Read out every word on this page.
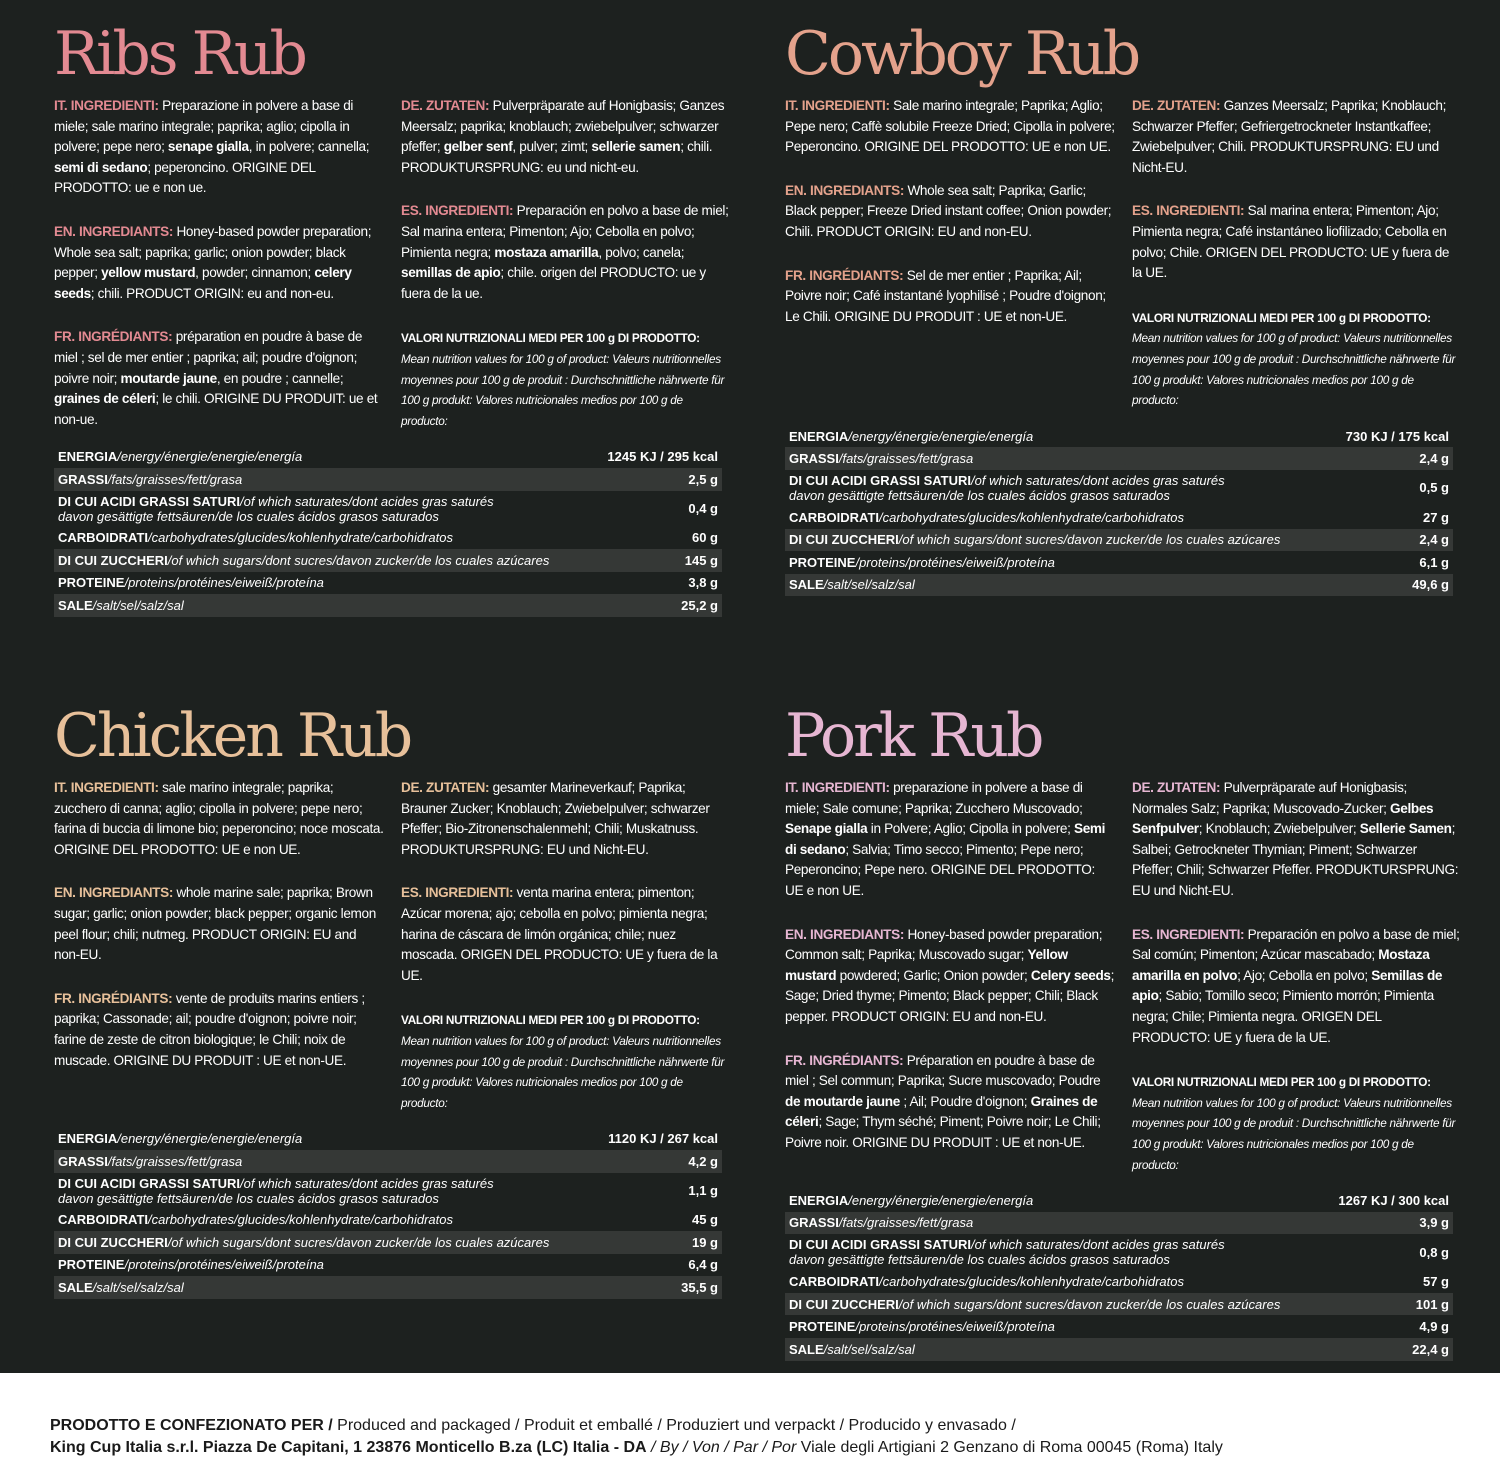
Ribs Rub
IT. INGREDIENTI: Preparazione in polvere a base di miele; sale marino integrale; paprika; aglio; cipolla in polvere; pepe nero; senape gialla, in polvere; cannella; semi di sedano; peperoncino. ORIGINE DEL PRODOTTO: ue e non ue.
EN. INGREDIANTS: Honey-based powder preparation; Whole sea salt; paprika; garlic; onion powder; black pepper; yellow mustard, powder; cinnamon; celery seeds; chili. PRODUCT ORIGIN: eu and non-eu.
FR. INGRÉDIANTS: préparation en poudre à base de miel ; sel de mer entier ; paprika; ail; poudre d'oignon; poivre noir; moutarde jaune, en poudre ; cannelle; graines de céleri; le chili. ORIGINE DU PRODUIT: ue et non-ue.
DE. ZUTATEN: Pulverpräparate auf Honigbasis; Ganzes Meersalz; paprika; knoblauch; zwiebelpulver; schwarzer pfeffer; gelber senf, pulver; zimt; sellerie samen; chili. PRODUKTURSPRUNG: eu und nicht-eu.
ES. INGREDIENTI: Preparación en polvo a base de miel; Sal marina entera; Pimenton; Ajo; Cebolla en polvo; Pimienta negra; mostaza amarilla, polvo; canela; semillas de apio; chile. origen del PRODUCTO: ue y fuera de la ue.
VALORI NUTRIZIONALI MEDI PER 100 g DI PRODOTTO: Mean nutrition values for 100 g of product: Valeurs nutritionnelles moyennes pour 100 g de produit : Durchschnittliche nährwerte für 100 g produkt: Valores nutricionales medios por 100 g de producto:
ENERGIA/energy/énergie/energie/energía	1245 KJ / 295 kcal
GRASSI/fats/graisses/fett/grasa	2,5 g
DI CUI ACIDI GRASSI SATURI/of which saturates/dont acides gras saturés
davon gesättigte fettsäuren/de los cuales ácidos grasos saturados	0,4 g
CARBOIDRATI/carbohydrates/glucides/kohlenhydrate/carbohidratos	60 g
DI CUI ZUCCHERI/of which sugars/dont sucres/davon zucker/de los cuales azúcares	145 g
PROTEINE/proteins/protéines/eiweiß/proteína	3,8 g
SALE/salt/sel/salz/sal	25,2 g
Cowboy Rub
IT. INGREDIENTI: Sale marino integrale; Paprika; Aglio; Pepe nero; Caffè solubile Freeze Dried; Cipolla in polvere; Peperoncino. ORIGINE DEL PRODOTTO: UE e non UE.
EN. INGREDIANTS: Whole sea salt; Paprika; Garlic; Black pepper; Freeze Dried instant coffee; Onion powder; Chili. PRODUCT ORIGIN: EU and non-EU.
FR. INGRÉDIANTS: Sel de mer entier ; Paprika; Ail; Poivre noir; Café instantané lyophilisé ; Poudre d'oignon; Le Chili. ORIGINE DU PRODUIT : UE et non-UE.
DE. ZUTATEN: Ganzes Meersalz; Paprika; Knoblauch; Schwarzer Pfeffer; Gefriergetrockneter Instantkaffee; Zwiebelpulver; Chili. PRODUKTURSPRUNG: EU und Nicht-EU.
ES. INGREDIENTI: Sal marina entera; Pimenton; Ajo; Pimienta negra; Café instantáneo liofilizado; Cebolla en polvo; Chile. ORIGEN DEL PRODUCTO: UE y fuera de la UE.
VALORI NUTRIZIONALI MEDI PER 100 g DI PRODOTTO: Mean nutrition values for 100 g of product: Valeurs nutritionnelles moyennes pour 100 g de produit : Durchschnittliche nährwerte für 100 g produkt: Valores nutricionales medios por 100 g de producto:
ENERGIA/energy/énergie/energie/energía	730 KJ / 175 kcal
GRASSI/fats/graisses/fett/grasa	2,4 g
DI CUI ACIDI GRASSI SATURI/of which saturates/dont acides gras saturés
davon gesättigte fettsäuren/de los cuales ácidos grasos saturados	0,5 g
CARBOIDRATI/carbohydrates/glucides/kohlenhydrate/carbohidratos	27 g
DI CUI ZUCCHERI/of which sugars/dont sucres/davon zucker/de los cuales azúcares	2,4 g
PROTEINE/proteins/protéines/eiweiß/proteína	6,1 g
SALE/salt/sel/salz/sal	49,6 g
Chicken Rub
IT. INGREDIENTI: sale marino integrale; paprika; zucchero di canna; aglio; cipolla in polvere; pepe nero; farina di buccia di limone bio; peperoncino; noce moscata. ORIGINE DEL PRODOTTO: UE e non UE.
EN. INGREDIANTS: whole marine sale; paprika; Brown sugar; garlic; onion powder; black pepper; organic lemon peel flour; chili; nutmeg. PRODUCT ORIGIN: EU and non-EU.
FR. INGRÉDIANTS: vente de produits marins entiers ; paprika; Cassonade; ail; poudre d'oignon; poivre noir; farine de zeste de citron biologique; le Chili; noix de muscade. ORIGINE DU PRODUIT : UE et non-UE.
DE. ZUTATEN: gesamter Marineverkauf; Paprika; Brauner Zucker; Knoblauch; Zwiebelpulver; schwarzer Pfeffer; Bio-Zitronenschalenmehl; Chili; Muskatnuss. PRODUKTURSPRUNG: EU und Nicht-EU.
ES. INGREDIENTI: venta marina entera; pimenton; Azúcar morena; ajo; cebolla en polvo; pimienta negra; harina de cáscara de limón orgánica; chile; nuez moscada. ORIGEN DEL PRODUCTO: UE y fuera de la UE.
VALORI NUTRIZIONALI MEDI PER 100 g DI PRODOTTO: Mean nutrition values for 100 g of product: Valeurs nutritionnelles moyennes pour 100 g de produit : Durchschnittliche nährwerte für 100 g produkt: Valores nutricionales medios por 100 g de producto:
ENERGIA/energy/énergie/energie/energía	1120 KJ / 267 kcal
GRASSI/fats/graisses/fett/grasa	4,2 g
DI CUI ACIDI GRASSI SATURI/of which saturates/dont acides gras saturés
davon gesättigte fettsäuren/de los cuales ácidos grasos saturados	1,1 g
CARBOIDRATI/carbohydrates/glucides/kohlenhydrate/carbohidratos	45 g
DI CUI ZUCCHERI/of which sugars/dont sucres/davon zucker/de los cuales azúcares	19 g
PROTEINE/proteins/protéines/eiweiß/proteína	6,4 g
SALE/salt/sel/salz/sal	35,5 g
Pork Rub
IT. INGREDIENTI: preparazione in polvere a base di miele; Sale comune; Paprika; Zucchero Muscovado; Senape gialla in Polvere; Aglio; Cipolla in polvere; Semi di sedano; Salvia; Timo secco; Pimento; Pepe nero; Peperoncino; Pepe nero. ORIGINE DEL PRODOTTO: UE e non UE.
EN. INGREDIANTS: Honey-based powder preparation; Common salt; Paprika; Muscovado sugar; Yellow mustard powdered; Garlic; Onion powder; Celery seeds; Sage; Dried thyme; Pimento; Black pepper; Chili; Black pepper. PRODUCT ORIGIN: EU and non-EU.
FR. INGRÉDIANTS: Préparation en poudre à base de miel ; Sel commun; Paprika; Sucre muscovado; Poudre de moutarde jaune ; Ail; Poudre d'oignon; Graines de céleri; Sage; Thym séché; Piment; Poivre noir; Le Chili; Poivre noir. ORIGINE DU PRODUIT : UE et non-UE.
DE. ZUTATEN: Pulverpräparate auf Honigbasis; Normales Salz; Paprika; Muscovado-Zucker; Gelbes Senfpulver; Knoblauch; Zwiebelpulver; Sellerie Samen; Salbei; Getrockneter Thymian; Piment; Schwarzer Pfeffer; Chili; Schwarzer Pfeffer. PRODUKTURSPRUNG: EU und Nicht-EU.
ES. INGREDIENTI: Preparación en polvo a base de miel; Sal común; Pimenton; Azúcar mascabado; Mostaza amarilla en polvo; Ajo; Cebolla en polvo; Semillas de apio; Sabio; Tomillo seco; Pimiento morrón; Pimienta negra; Chile; Pimienta negra. ORIGEN DEL PRODUCTO: UE y fuera de la UE.
VALORI NUTRIZIONALI MEDI PER 100 g DI PRODOTTO: Mean nutrition values for 100 g of product: Valeurs nutritionnelles moyennes pour 100 g de produit : Durchschnittliche nährwerte für 100 g produkt: Valores nutricionales medios por 100 g de producto:
ENERGIA/energy/énergie/energie/energía	1267 KJ / 300 kcal
GRASSI/fats/graisses/fett/grasa	3,9 g
DI CUI ACIDI GRASSI SATURI/of which saturates/dont acides gras saturés
davon gesättigte fettsäuren/de los cuales ácidos grasos saturados	0,8 g
CARBOIDRATI/carbohydrates/glucides/kohlenhydrate/carbohidratos	57 g
DI CUI ZUCCHERI/of which sugars/dont sucres/davon zucker/de los cuales azúcares	101 g
PROTEINE/proteins/protéines/eiweiß/proteína	4,9 g
SALE/salt/sel/salz/sal	22,4 g
PRODOTTO E CONFEZIONATO PER / Produced and packaged / Produit et emballé / Produziert und verpackt / Producido y envasado /
King Cup Italia s.r.l. Piazza De Capitani, 1 23876 Monticello B.za (LC) Italia - DA / By / Von / Par / Por Viale degli Artigiani 2 Genzano di Roma 00045 (Roma) Italy
